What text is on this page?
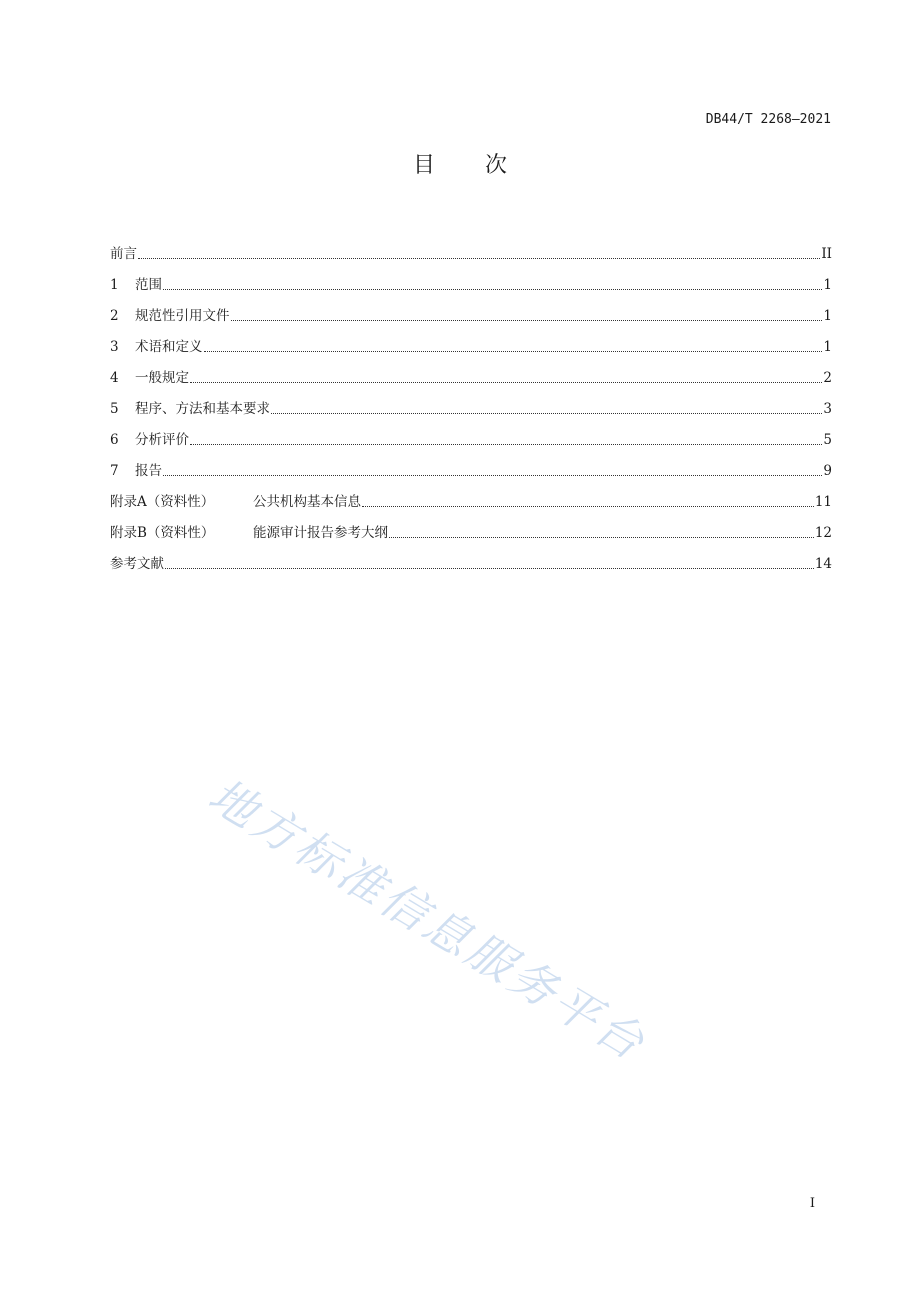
DB44/T 2268—2021
目 次
前言	II
1	范围	1
2	规范性引用文件	1
3	术语和定义	1
4	一般规定	2
5	程序、方法和基本要求	3
6	分析评价	5
7	报告	9
附录A（资料性）	公共机构基本信息	11
附录B（资料性）	能源审计报告参考大纲	12
参考文献	14
地方标准信息服务平台
I
